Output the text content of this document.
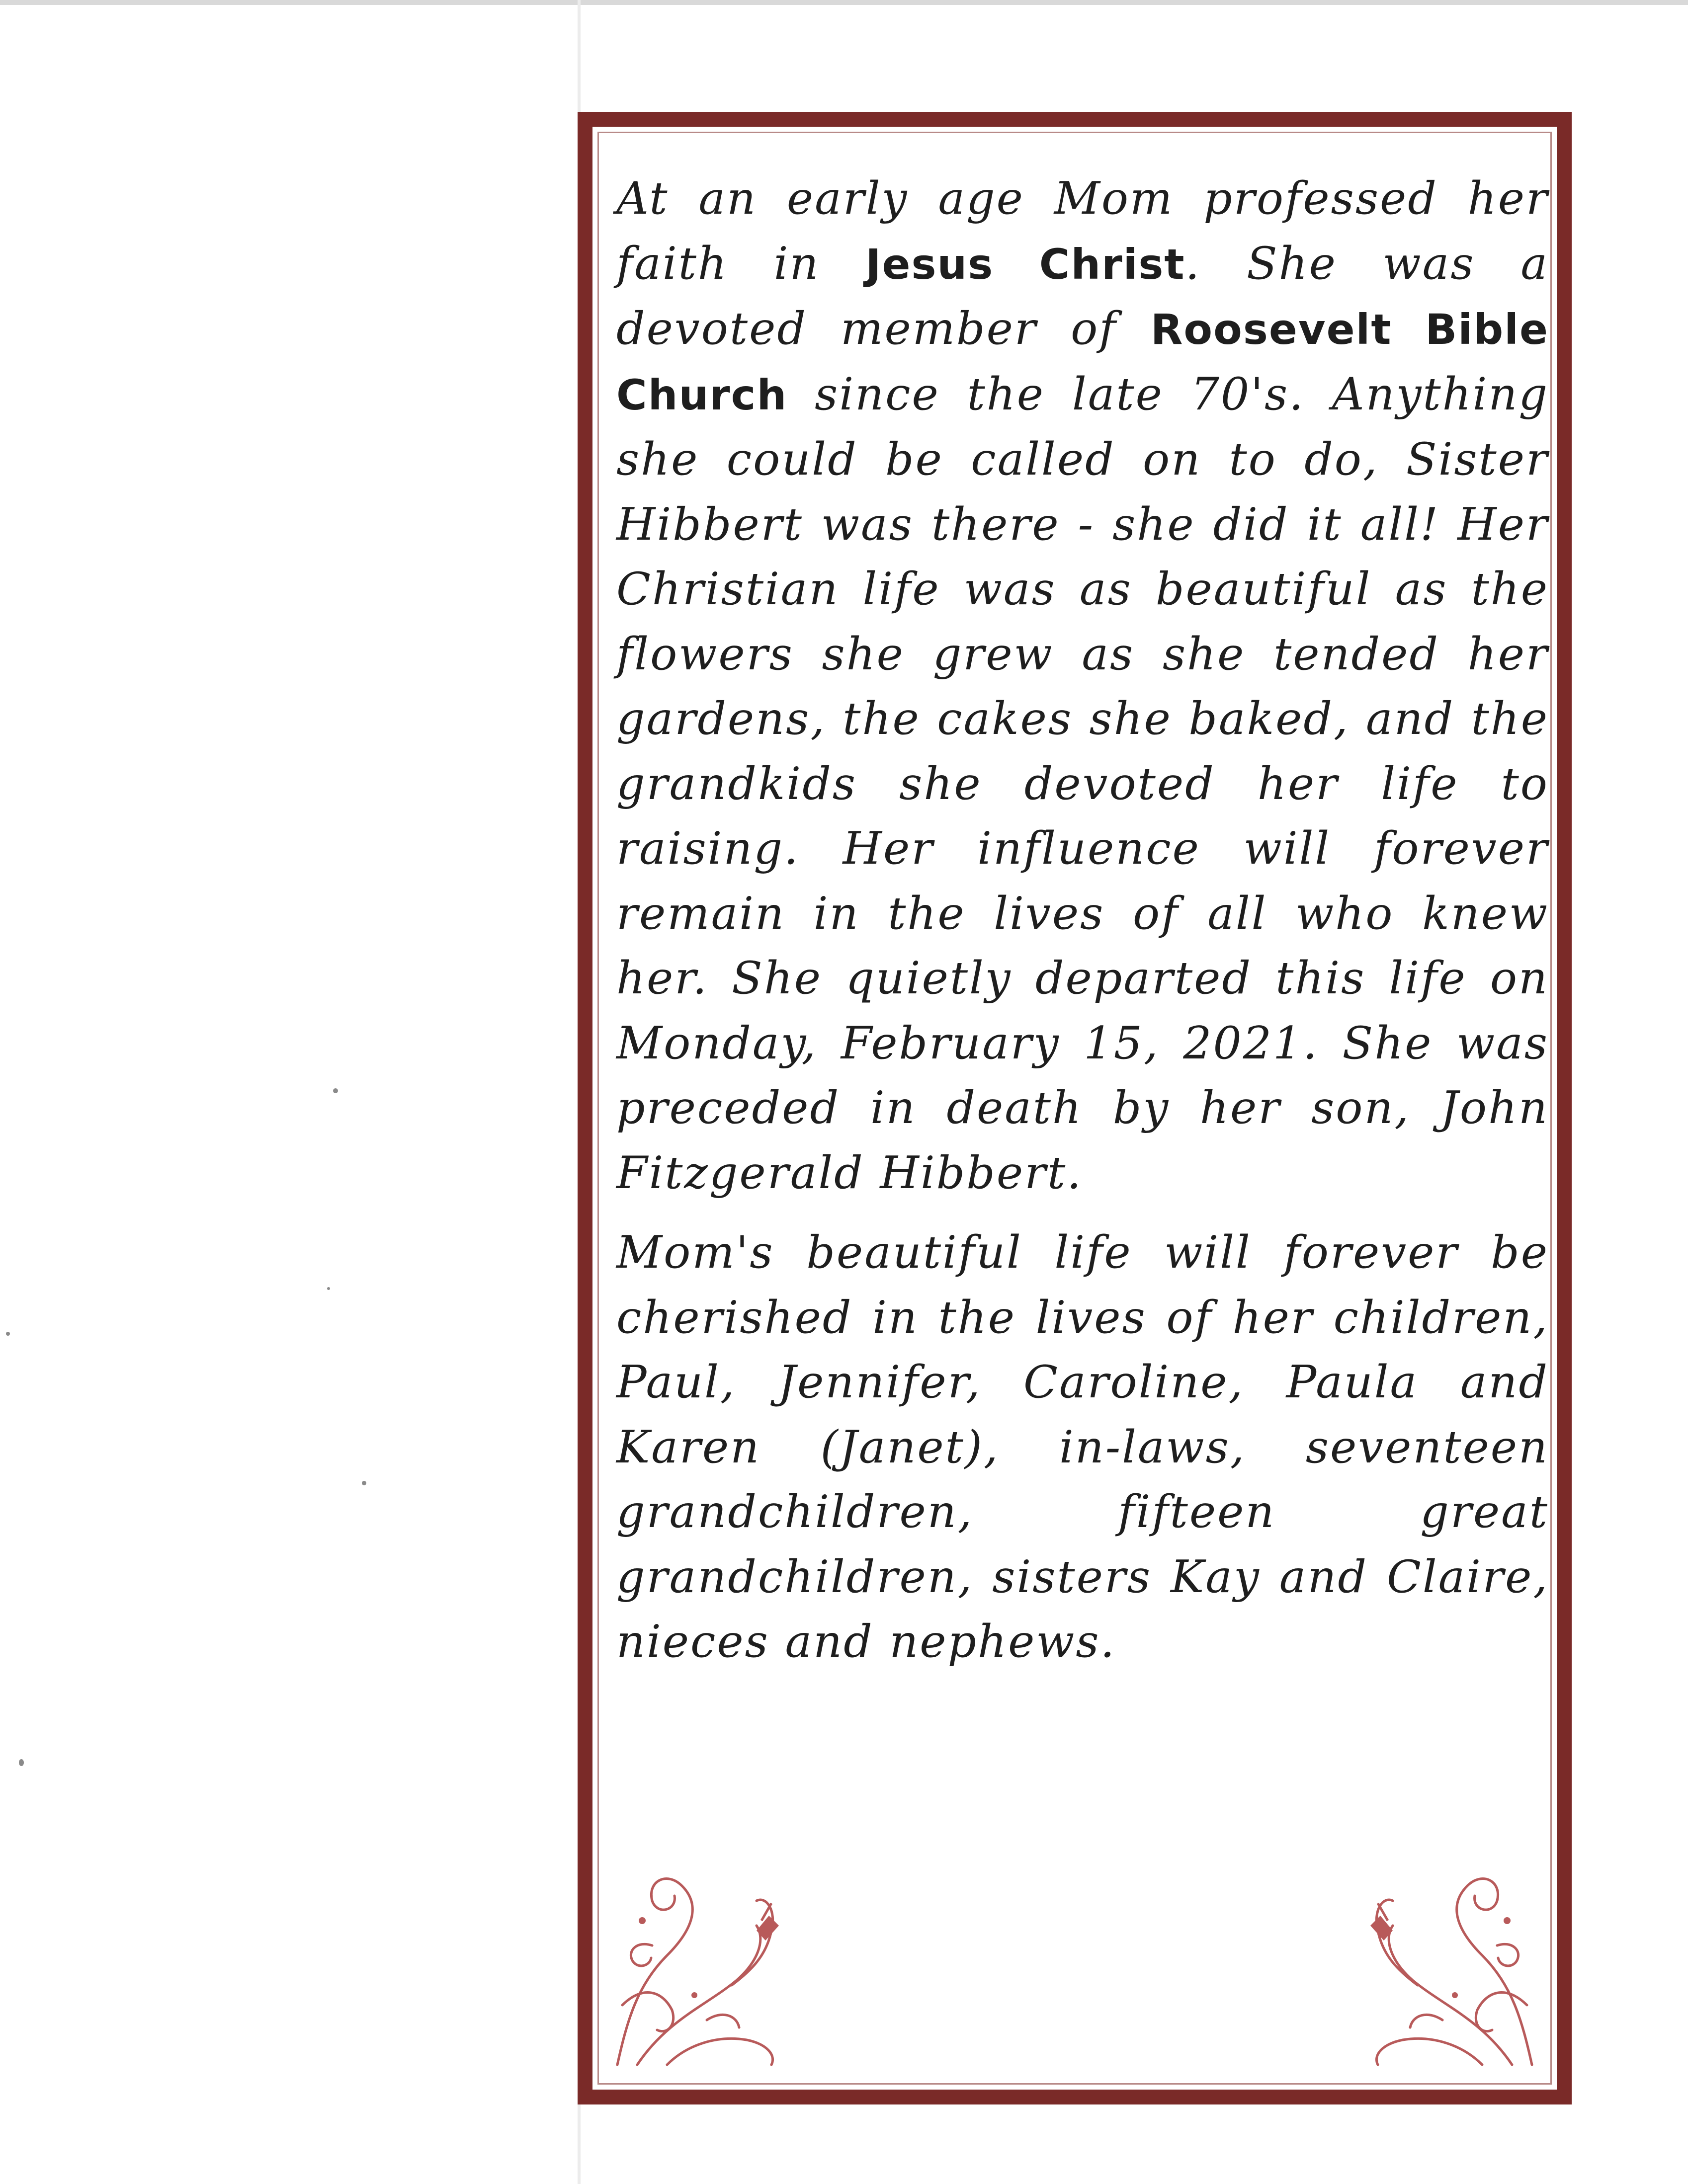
At an early age Mom professed her faith in Jesus Christ. She was a devoted member of Roosevelt Bible Church since the late 70's. Anything she could be called on to do, Sister Hibbert was there - she did it all! Her Christian life was as beautiful as the flowers she grew as she tended her gardens, the cakes she baked, and the grandkids she devoted her life to raising. Her influence will forever remain in the lives of all who knew her. She quietly departed this life on Monday, February 15, 2021. She was preceded in death by her son, John Fitzgerald Hibbert.

Mom's beautiful life will forever be cherished in the lives of her children, Paul, Jennifer, Caroline, Paula and Karen (Janet), in-laws, seventeen grandchildren, fifteen great grandchildren, sisters Kay and Claire, nieces and nephews.
